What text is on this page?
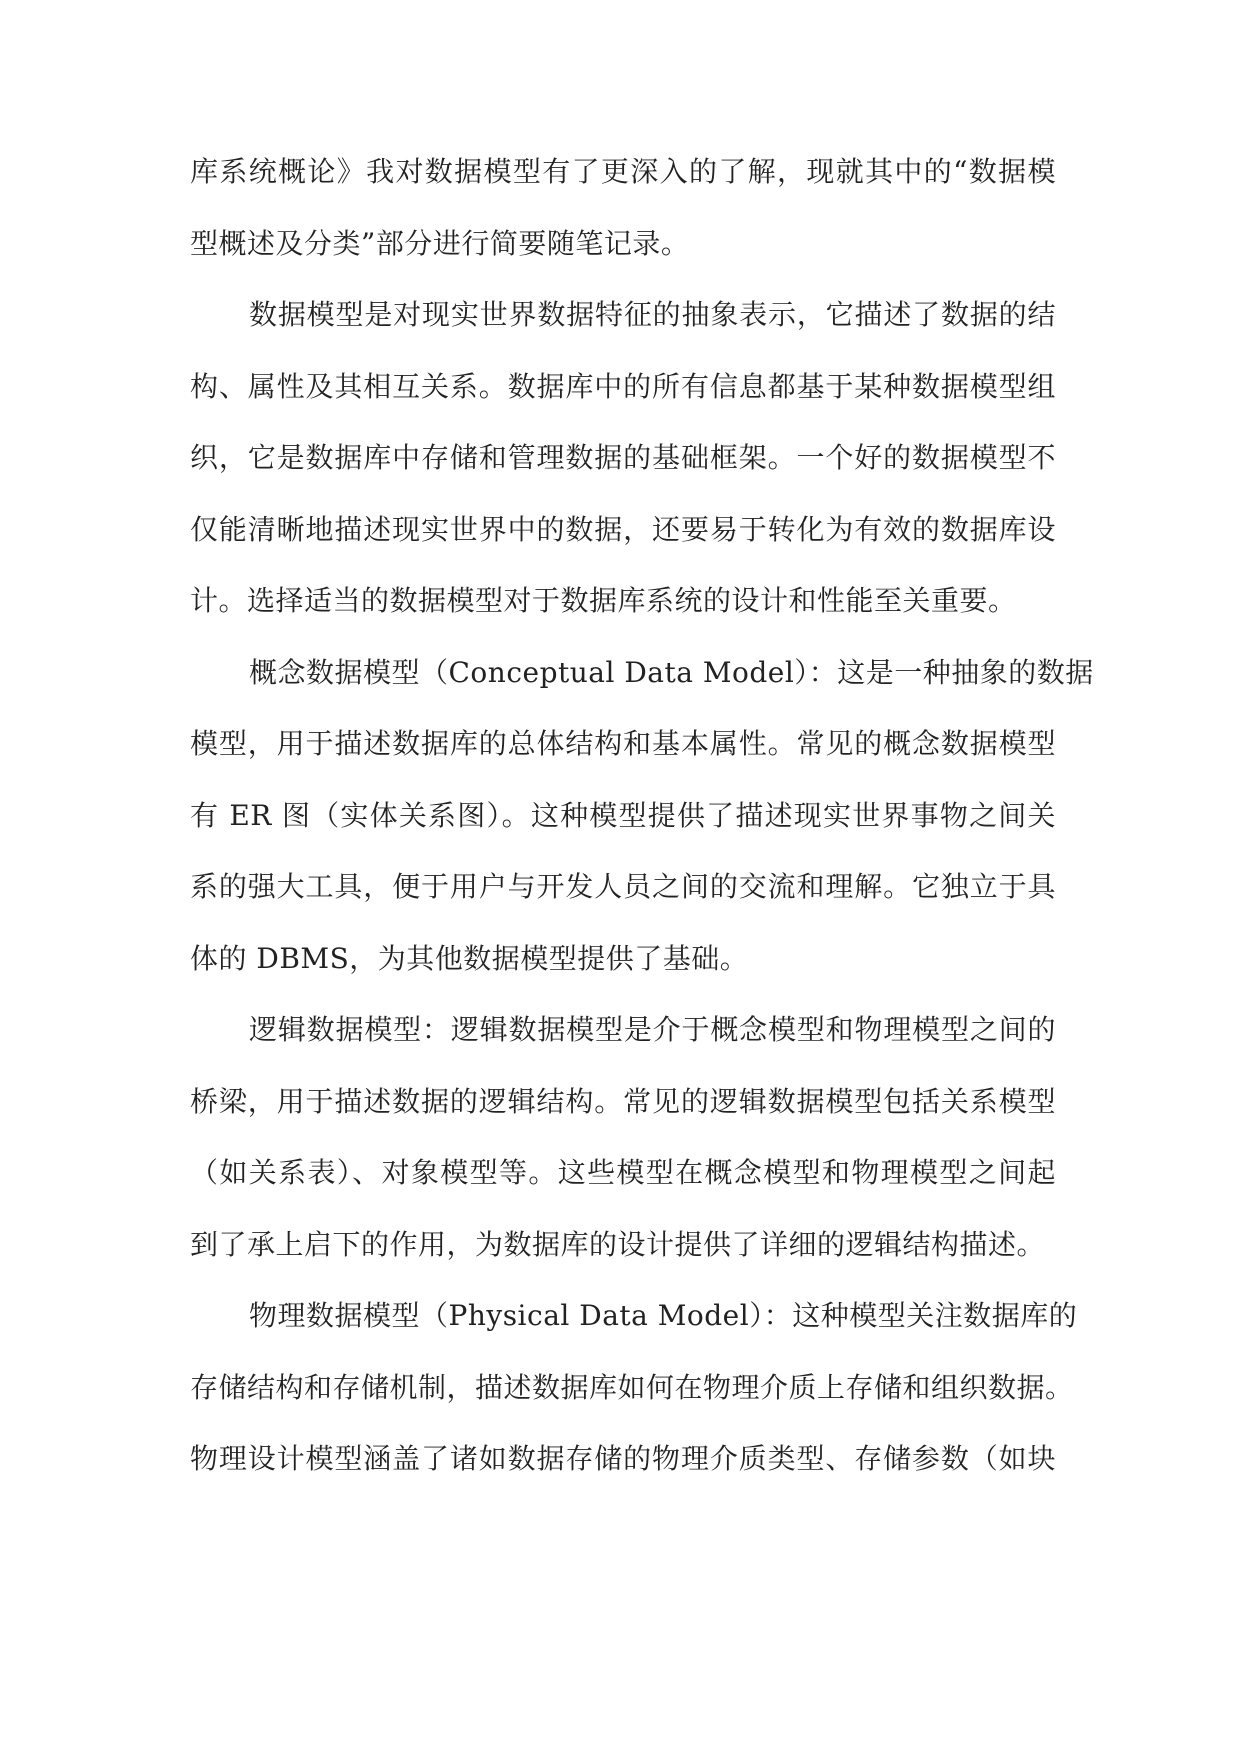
库系统概论》我对数据模型有了更深入的了解，现就其中的“数据模
型概述及分类”部分进行简要随笔记录。
数据模型是对现实世界数据特征的抽象表示，它描述了数据的结
构、属性及其相互关系。数据库中的所有信息都基于某种数据模型组
织，它是数据库中存储和管理数据的基础框架。一个好的数据模型不
仅能清晰地描述现实世界中的数据，还要易于转化为有效的数据库设
计。选择适当的数据模型对于数据库系统的设计和性能至关重要。
概念数据模型（Conceptual Data Model）：这是一种抽象的数据
模型，用于描述数据库的总体结构和基本属性。常见的概念数据模型
有 ER 图（实体关系图）。这种模型提供了描述现实世界事物之间关
系的强大工具，便于用户与开发人员之间的交流和理解。它独立于具
体的 DBMS，为其他数据模型提供了基础。
逻辑数据模型：逻辑数据模型是介于概念模型和物理模型之间的
桥梁，用于描述数据的逻辑结构。常见的逻辑数据模型包括关系模型
（如关系表）、对象模型等。这些模型在概念模型和物理模型之间起
到了承上启下的作用，为数据库的设计提供了详细的逻辑结构描述。
物理数据模型（Physical Data Model）：这种模型关注数据库的
存储结构和存储机制，描述数据库如何在物理介质上存储和组织数据。
物理设计模型涵盖了诸如数据存储的物理介质类型、存储参数（如块
